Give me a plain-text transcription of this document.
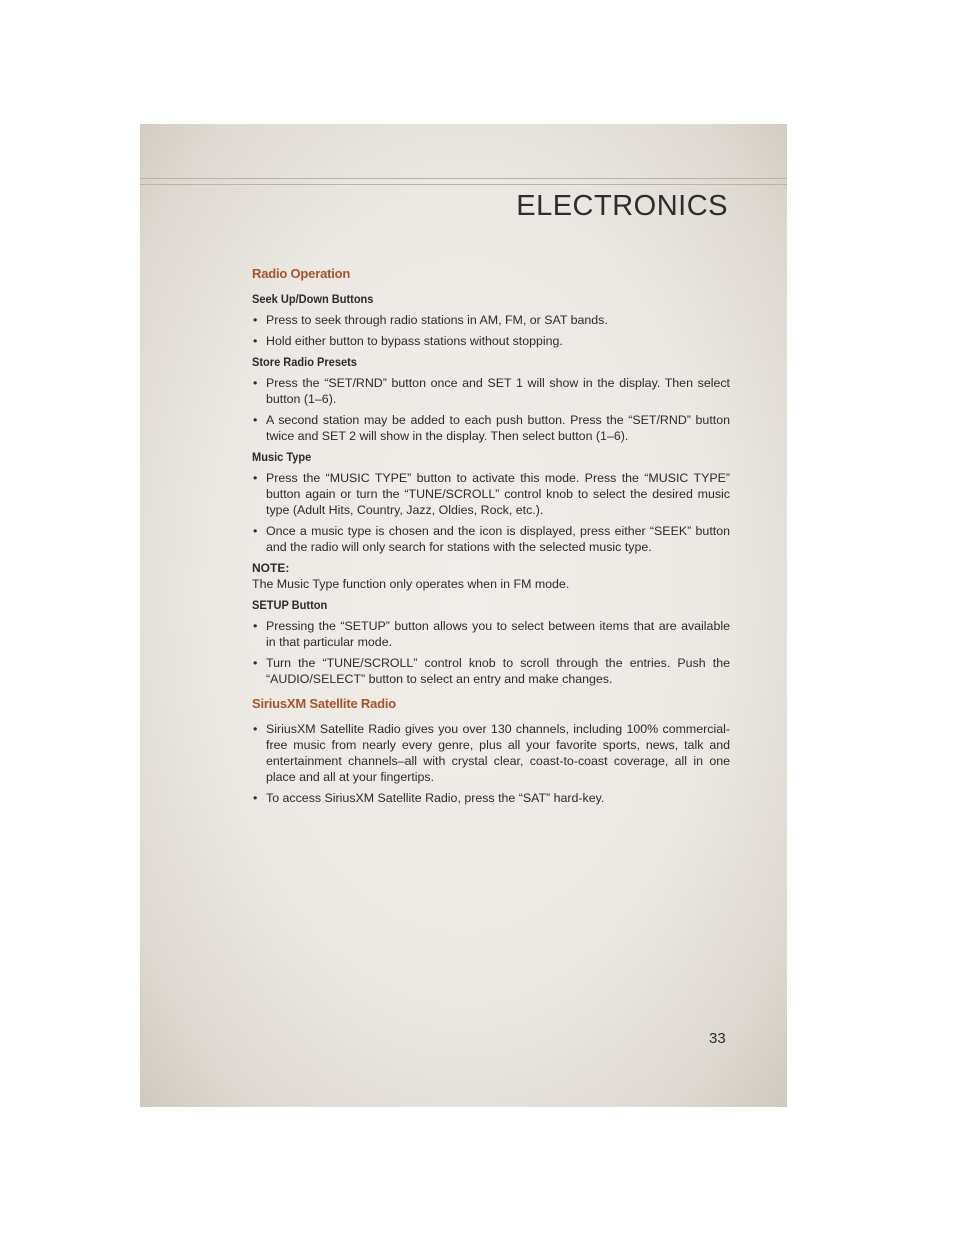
ELECTRONICS
Radio Operation
Seek Up/Down Buttons
• Press to seek through radio stations in AM, FM, or SAT bands.
• Hold either button to bypass stations without stopping.
Store Radio Presets
• Press the “SET/RND” button once and SET 1 will show in the display. Then select button (1–6).
• A second station may be added to each push button. Press the “SET/RND” button twice and SET 2 will show in the display. Then select button (1–6).
Music Type
• Press the “MUSIC TYPE” button to activate this mode. Press the “MUSIC TYPE” button again or turn the “TUNE/SCROLL” control knob to select the desired music type (Adult Hits, Country, Jazz, Oldies, Rock, etc.).
• Once a music type is chosen and the icon is displayed, press either “SEEK” button and the radio will only search for stations with the selected music type.
NOTE:
The Music Type function only operates when in FM mode.
SETUP Button
• Pressing the “SETUP” button allows you to select between items that are available in that particular mode.
• Turn the “TUNE/SCROLL” control knob to scroll through the entries. Push the “AUDIO/SELECT” button to select an entry and make changes.
SiriusXM Satellite Radio
• SiriusXM Satellite Radio gives you over 130 channels, including 100% commercial-free music from nearly every genre, plus all your favorite sports, news, talk and entertainment channels–all with crystal clear, coast-to-coast coverage, all in one place and all at your fingertips.
• To access SiriusXM Satellite Radio, press the “SAT” hard-key.
33
